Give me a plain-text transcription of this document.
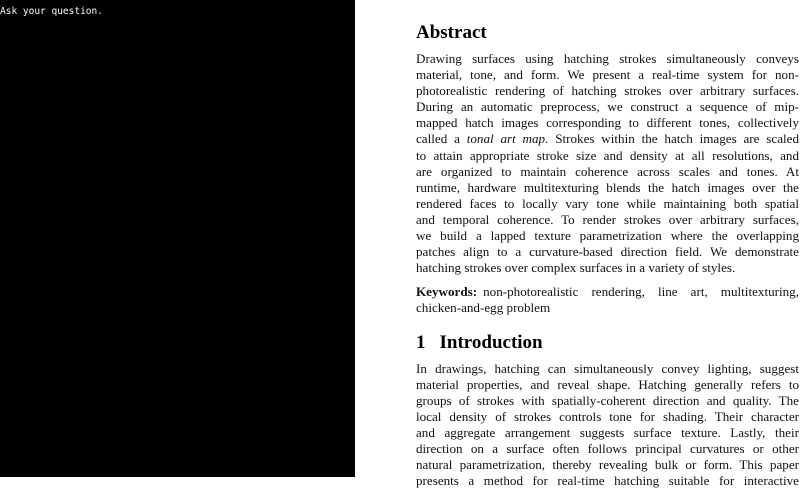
Ask your question.
Abstract
Drawing surfaces using hatching strokes simultaneously conveys
material, tone, and form. We present a real-time system for non-
photorealistic rendering of hatching strokes over arbitrary surfaces.
During an automatic preprocess, we construct a sequence of mip-
mapped hatch images corresponding to different tones, collectively
called a tonal art map. Strokes within the hatch images are scaled
to attain appropriate stroke size and density at all resolutions, and
are organized to maintain coherence across scales and tones. At
runtime, hardware multitexturing blends the hatch images over the
rendered faces to locally vary tone while maintaining both spatial
and temporal coherence. To render strokes over arbitrary surfaces,
we build a lapped texture parametrization where the overlapping
patches align to a curvature-based direction field. We demonstrate
hatching strokes over complex surfaces in a variety of styles.
Keywords: non-photorealistic rendering, line art, multitexturing,
chicken-and-egg problem
1 Introduction
In drawings, hatching can simultaneously convey lighting, suggest
material properties, and reveal shape. Hatching generally refers to
groups of strokes with spatially-coherent direction and quality. The
local density of strokes controls tone for shading. Their character
and aggregate arrangement suggests surface texture. Lastly, their
direction on a surface often follows principal curvatures or other
natural parametrization, thereby revealing bulk or form. This paper
presents a method for real-time hatching suitable for interactive
